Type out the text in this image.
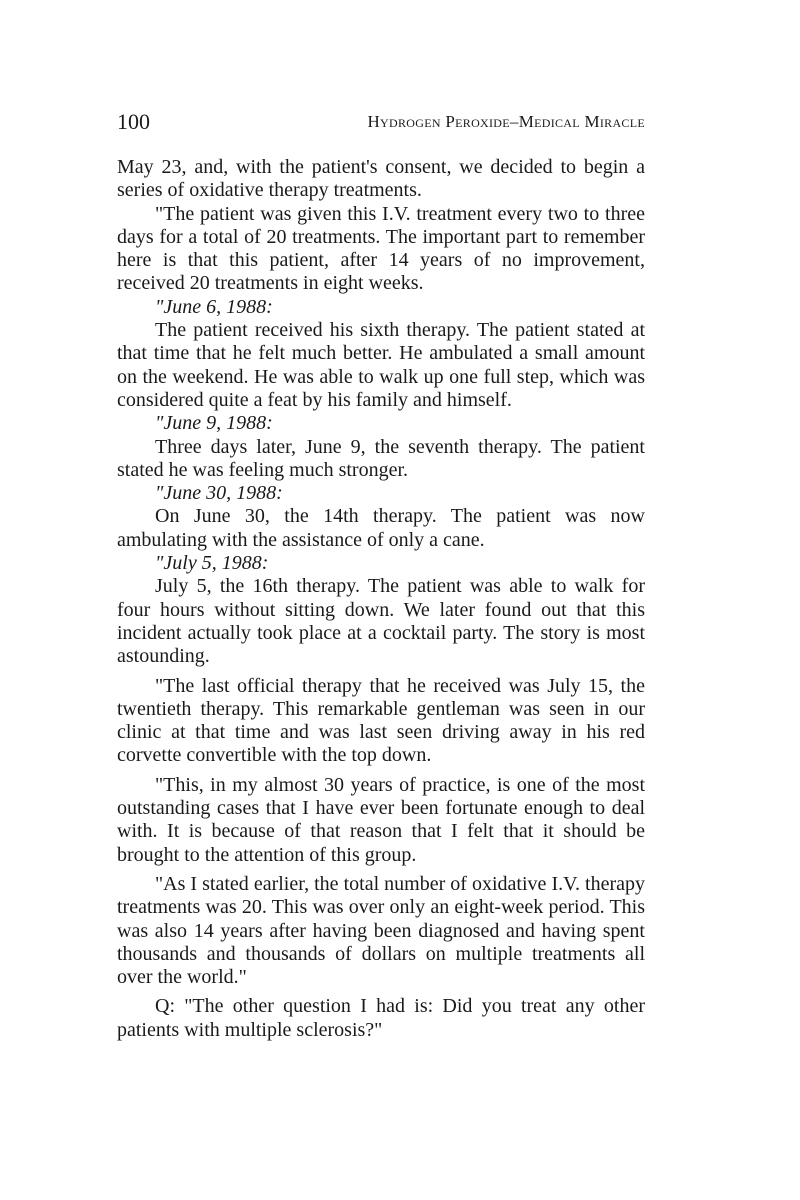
100	Hydrogen Peroxide–Medical Miracle

May 23, and, with the patient's consent, we decided to begin a series of oxidative therapy treatments.

"The patient was given this I.V. treatment every two to three days for a total of 20 treatments. The important part to remember here is that this patient, after 14 years of no improvement, received 20 treatments in eight weeks.

"June 6, 1988:

The patient received his sixth therapy. The patient stated at that time that he felt much better. He ambulated a small amount on the weekend. He was able to walk up one full step, which was considered quite a feat by his family and himself.

"June 9, 1988:

Three days later, June 9, the seventh therapy. The patient stated he was feeling much stronger.

"June 30, 1988:

On June 30, the 14th therapy. The patient was now ambulating with the assistance of only a cane.

"July 5, 1988:

July 5, the 16th therapy. The patient was able to walk for four hours without sitting down. We later found out that this incident actually took place at a cocktail party. The story is most astounding.

"The last official therapy that he received was July 15, the twentieth therapy. This remarkable gentleman was seen in our clinic at that time and was last seen driving away in his red corvette convertible with the top down.

"This, in my almost 30 years of practice, is one of the most outstanding cases that I have ever been fortunate enough to deal with. It is because of that reason that I felt that it should be brought to the attention of this group.

"As I stated earlier, the total number of oxidative I.V. therapy treatments was 20. This was over only an eight-week period. This was also 14 years after having been diagnosed and having spent thousands and thousands of dollars on multiple treatments all over the world."

Q: "The other question I had is: Did you treat any other patients with multiple sclerosis?"
